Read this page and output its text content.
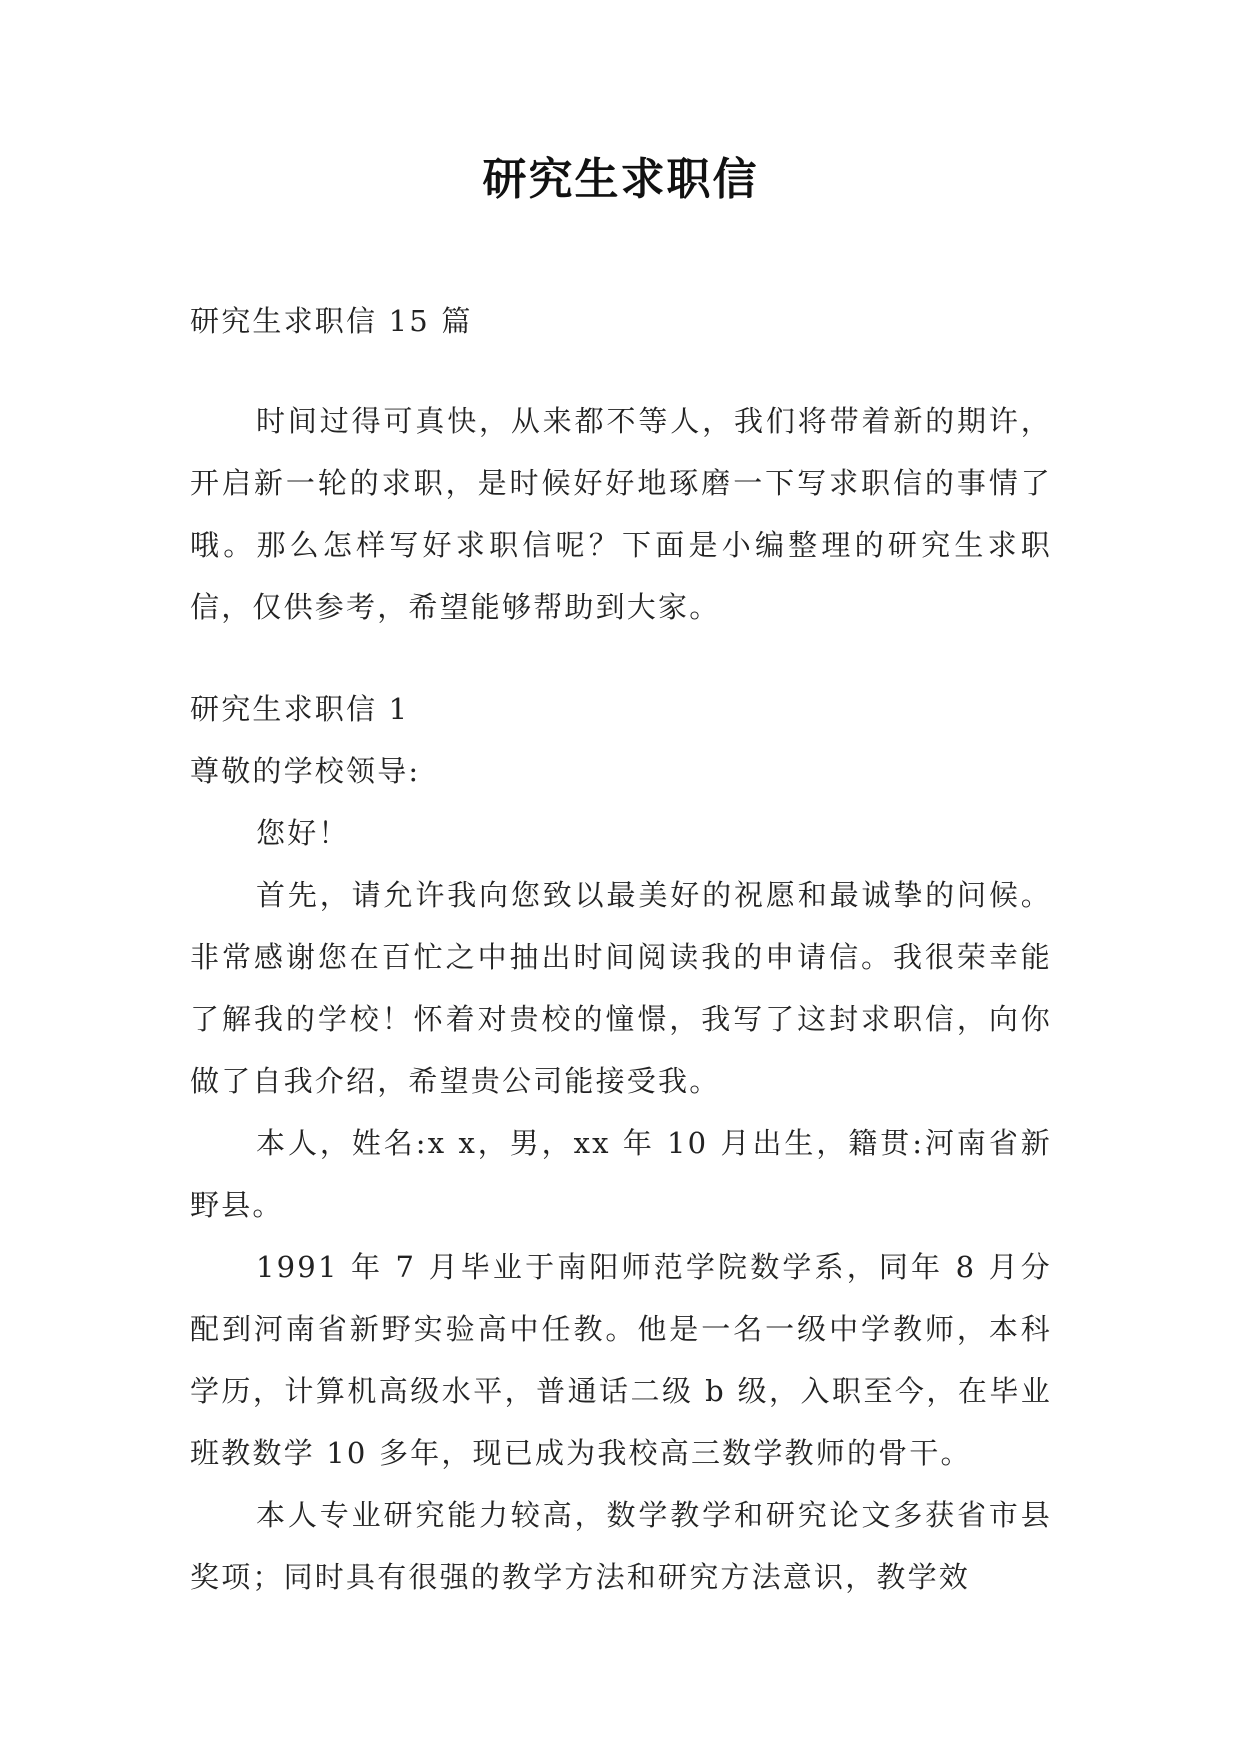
研究生求职信

研究生求职信 15 篇

时间过得可真快，从来都不等人，我们将带着新的期许，开启新一轮的求职，是时候好好地琢磨一下写求职信的事情了哦。那么怎样写好求职信呢？下面是小编整理的研究生求职信，仅供参考，希望能够帮助到大家。

研究生求职信 1

尊敬的学校领导:

您好！

首先，请允许我向您致以最美好的祝愿和最诚挚的问候。非常感谢您在百忙之中抽出时间阅读我的申请信。我很荣幸能了解我的学校！怀着对贵校的憧憬，我写了这封求职信，向你做了自我介绍，希望贵公司能接受我。

本人，姓名:x x，男，xx 年 10 月出生，籍贯:河南省新野县。

1991 年 7 月毕业于南阳师范学院数学系，同年 8 月分配到河南省新野实验高中任教。他是一名一级中学教师，本科学历，计算机高级水平，普通话二级 b 级，入职至今，在毕业班教数学 10 多年，现已成为我校高三数学教师的骨干。

本人专业研究能力较高，数学教学和研究论文多获省市县奖项；同时具有很强的教学方法和研究方法意识，教学效
